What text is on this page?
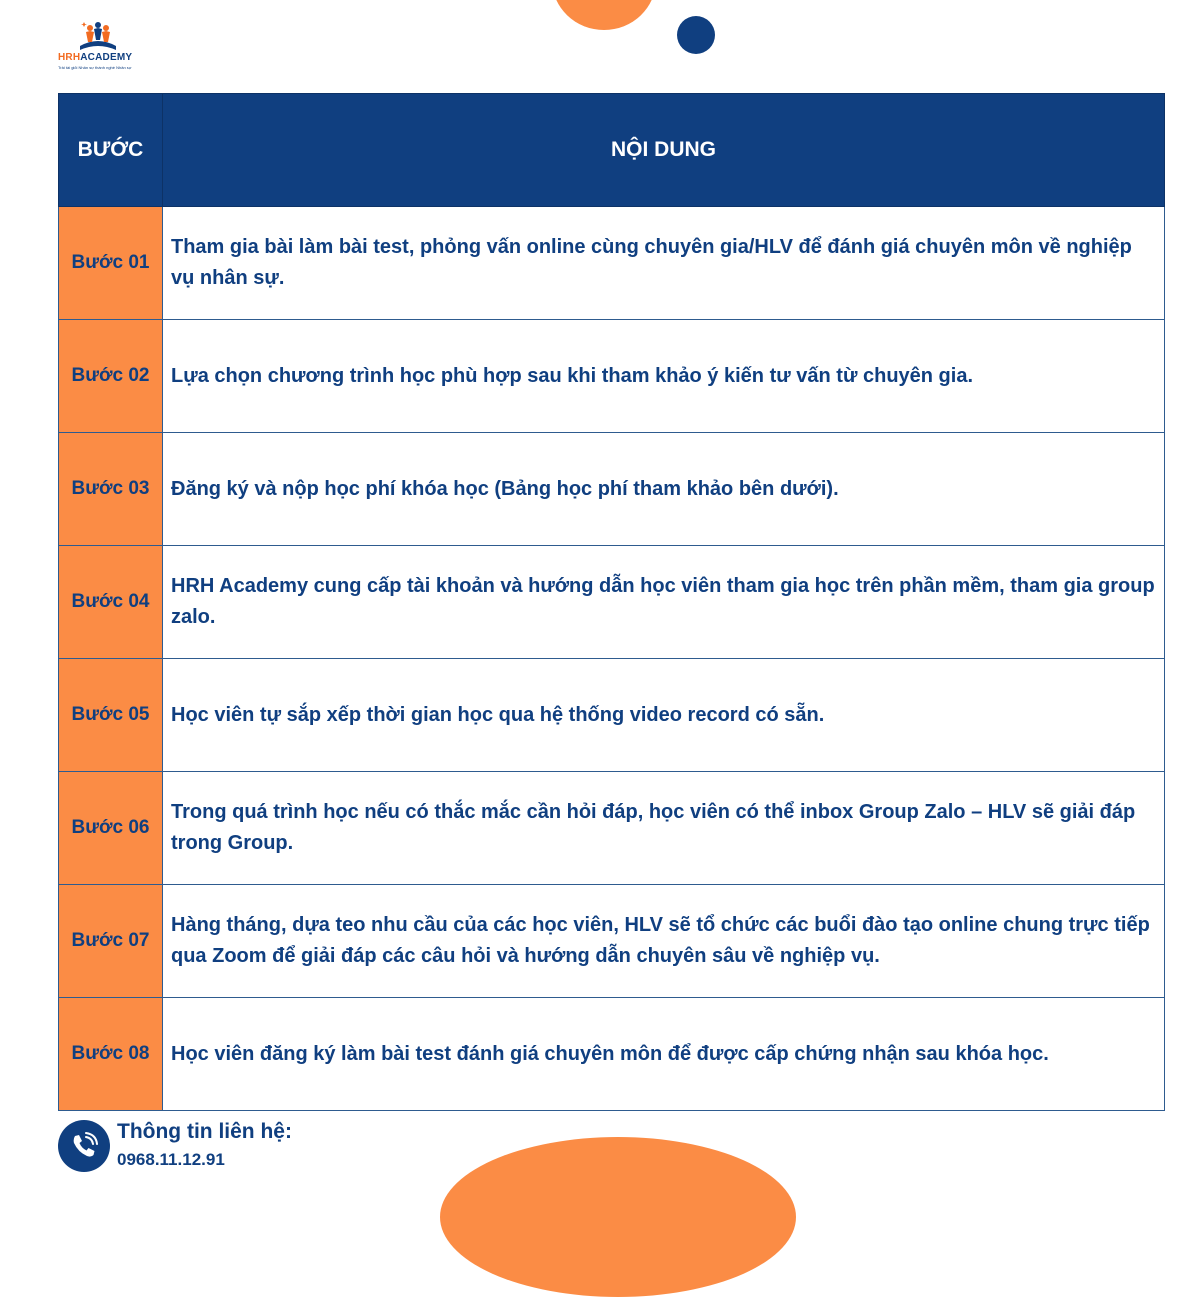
HRHACADEMY
Trải tài giỏi Nhân sự thành nghề Nhân sự
BƯỚC	NỘI DUNG
Bước 01	Tham gia bài làm bài test, phỏng vấn online cùng chuyên gia/HLV để đánh giá chuyên môn về nghiệp vụ nhân sự.
Bước 02	Lựa chọn chương trình học phù hợp sau khi tham khảo ý kiến tư vấn từ chuyên gia.
Bước 03	Đăng ký và nộp học phí khóa học (Bảng học phí tham khảo bên dưới).
Bước 04	HRH Academy cung cấp tài khoản và hướng dẫn học viên tham gia học trên phần mềm, tham gia group zalo.
Bước 05	Học viên tự sắp xếp thời gian học qua hệ thống video record có sẵn.
Bước 06	Trong quá trình học nếu có thắc mắc cần hỏi đáp, học viên có thể inbox Group Zalo – HLV sẽ giải đáp trong Group.
Bước 07	Hàng tháng, dựa teo nhu cầu của các học viên, HLV sẽ tổ chức các buổi đào tạo online chung trực tiếp qua Zoom để giải đáp các câu hỏi và hướng dẫn chuyên sâu về nghiệp vụ.
Bước 08	Học viên đăng ký làm bài test đánh giá chuyên môn để được cấp chứng nhận sau khóa học.
Thông tin liên hệ:
0968.11.12.91
